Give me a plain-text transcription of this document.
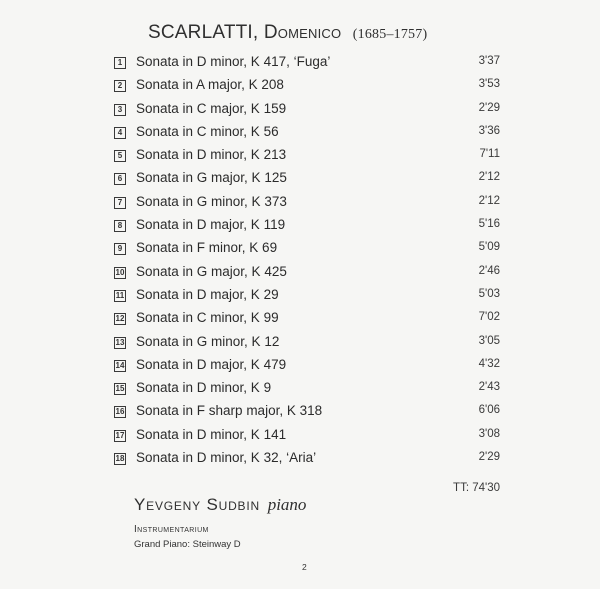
SCARLATTI, Domenico (1685–1757)
1 Sonata in D minor, K 417, ‘Fuga’	3'37
2 Sonata in A major, K 208	3'53
3 Sonata in C major, K 159	2'29
4 Sonata in C minor, K 56	3'36
5 Sonata in D minor, K 213	7'11
6 Sonata in G major, K 125	2'12
7 Sonata in G minor, K 373	2'12
8 Sonata in D major, K 119	5'16
9 Sonata in F minor, K 69	5'09
10 Sonata in G major, K 425	2'46
11 Sonata in D major, K 29	5'03
12 Sonata in C minor, K 99	7'02
13 Sonata in G minor, K 12	3'05
14 Sonata in D major, K 479	4'32
15 Sonata in D minor, K 9	2'43
16 Sonata in F sharp major, K 318	6'06
17 Sonata in D minor, K 141	3'08
18 Sonata in D minor, K 32, ‘Aria’	2'29
TT: 74'30
Yevgeny Sudbin piano
Instrumentarium
Grand Piano: Steinway D
2
